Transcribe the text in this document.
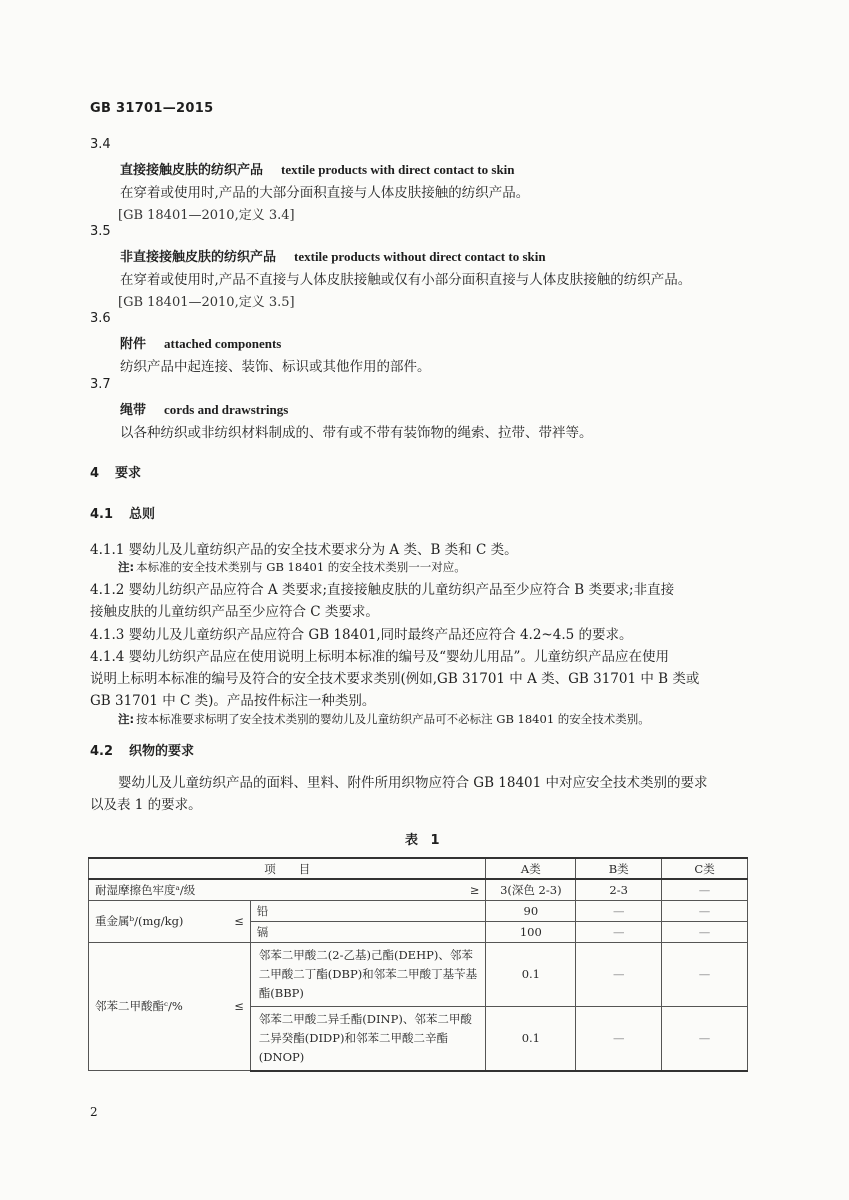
GB 31701—2015
3.4
直接接触皮肤的纺织产品 textile products with direct contact to skin
在穿着或使用时,产品的大部分面积直接与人体皮肤接触的纺织产品。
[GB 18401—2010,定义 3.4]
3.5
非直接接触皮肤的纺织产品 textile products without direct contact to skin
在穿着或使用时,产品不直接与人体皮肤接触或仅有小部分面积直接与人体皮肤接触的纺织产品。
[GB 18401—2010,定义 3.5]
3.6
附件 attached components
纺织产品中起连接、装饰、标识或其他作用的部件。
3.7
绳带 cords and drawstrings
以各种纺织或非纺织材料制成的、带有或不带有装饰物的绳索、拉带、带袢等。
4 要求
4.1 总则
4.1.1 婴幼儿及儿童纺织产品的安全技术要求分为 A 类、B 类和 C 类。
注: 本标准的安全技术类别与 GB 18401 的安全技术类别一一对应。
4.1.2 婴幼儿纺织产品应符合 A 类要求;直接接触皮肤的儿童纺织产品至少应符合 B 类要求;非直接
接触皮肤的儿童纺织产品至少应符合 C 类要求。
4.1.3 婴幼儿及儿童纺织产品应符合 GB 18401,同时最终产品还应符合 4.2~4.5 的要求。
4.1.4 婴幼儿纺织产品应在使用说明上标明本标准的编号及“婴幼儿用品”。儿童纺织产品应在使用
说明上标明本标准的编号及符合的安全技术要求类别(例如,GB 31701 中 A 类、GB 31701 中 B 类或
GB 31701 中 C 类)。产品按件标注一种类别。
注: 按本标准要求标明了安全技术类别的婴幼儿及儿童纺织产品可不必标注 GB 18401 的安全技术类别。
4.2 织物的要求
婴幼儿及儿童纺织产品的面料、里料、附件所用织物应符合 GB 18401 中对应安全技术类别的要求
以及表 1 的要求。
表 1
项　　目			A类	B类	C类
耐湿摩擦色牢度ᵃ/级		≥	3(深色 2-3)	2-3	—
重金属ᵇ/(mg/kg)	≤	铅	90	—	—
		镉	100	—	—
邻苯二甲酸酯ᶜ/%	≤	邻苯二甲酸二(2-乙基)己酯(DEHP)、邻苯二甲酸二丁酯(DBP)和邻苯二甲酸丁基苄基酯(BBP)	0.1	—	—
		邻苯二甲酸二异壬酯(DINP)、邻苯二甲酸二异癸酯(DIDP)和邻苯二甲酸二辛酯(DNOP)	0.1	—	—
2
